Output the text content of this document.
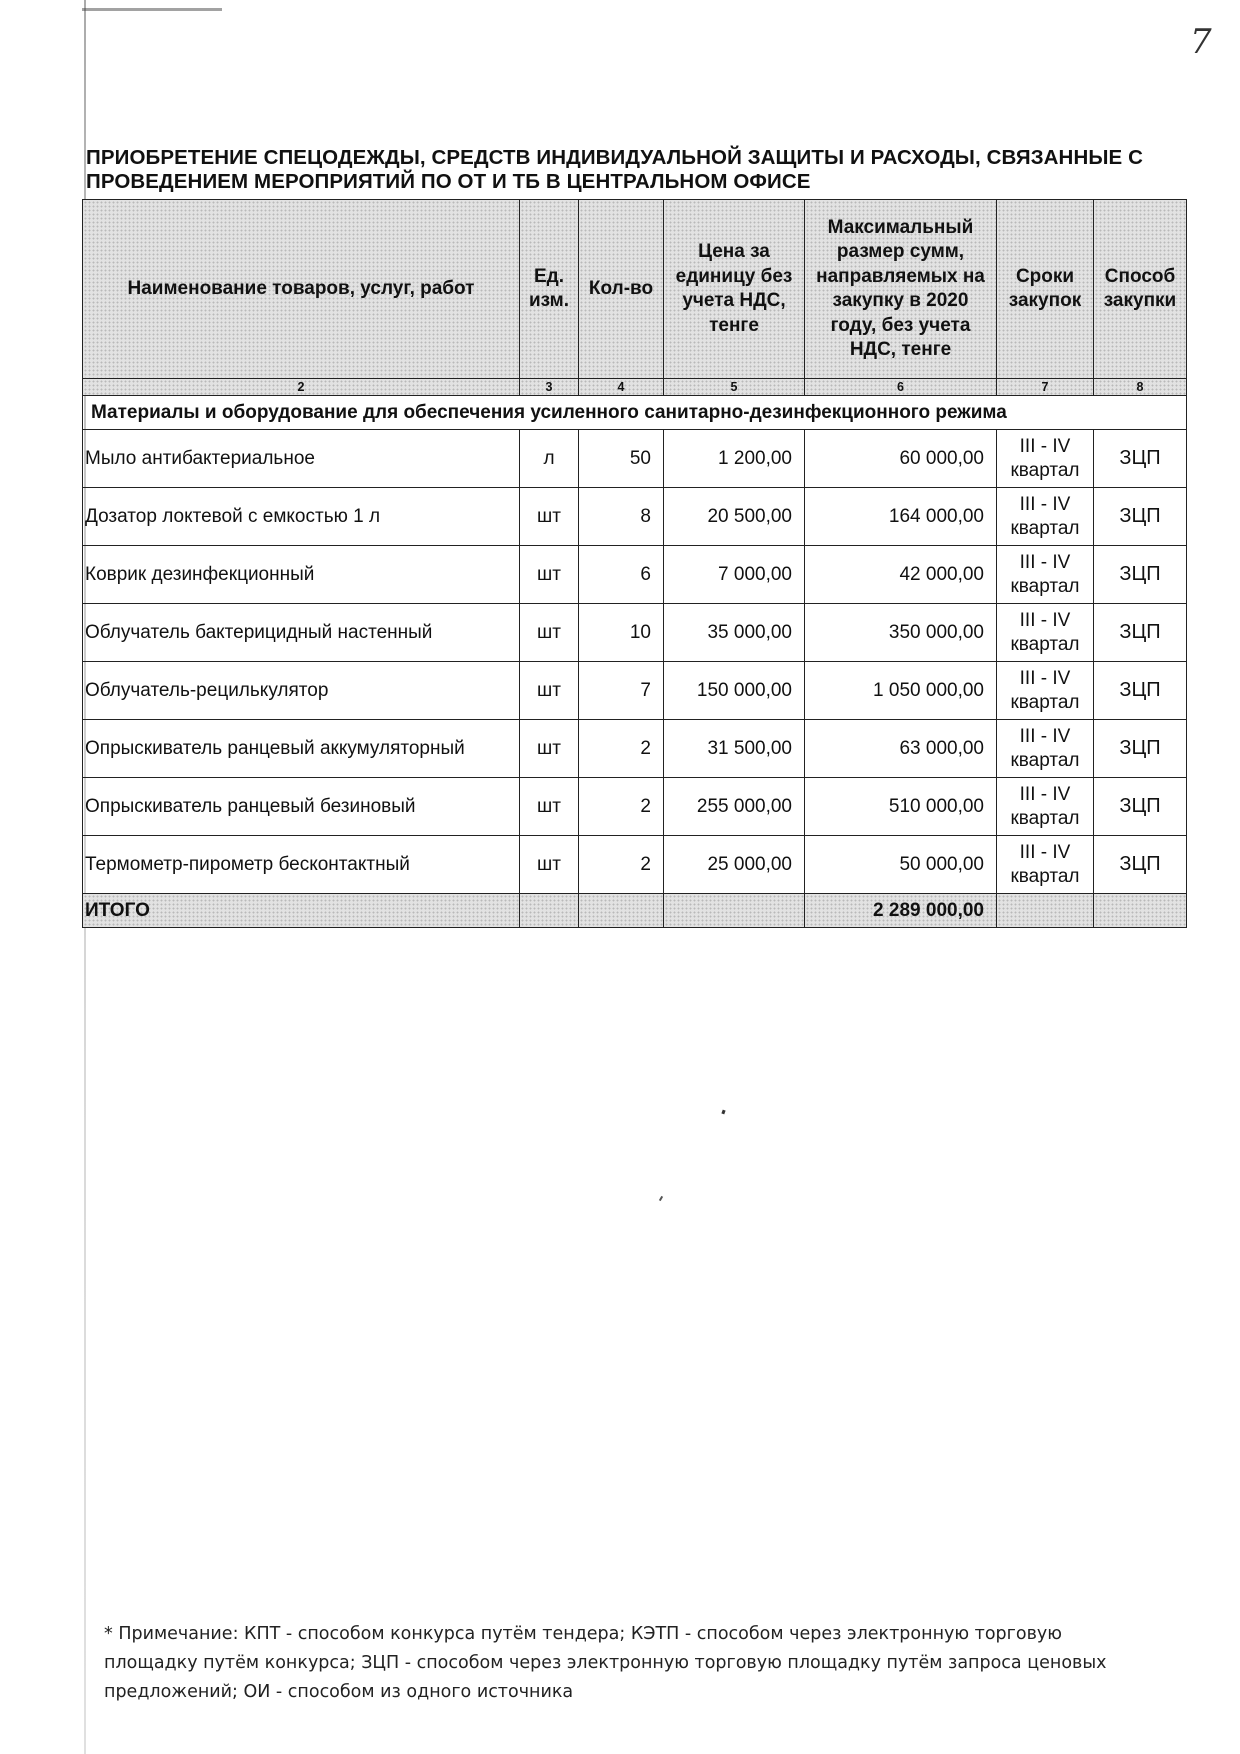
7
ПРИОБРЕТЕНИЕ СПЕЦОДЕЖДЫ, СРЕДСТВ ИНДИВИДУАЛЬНОЙ ЗАЩИТЫ И РАСХОДЫ, СВЯЗАННЫЕ С ПРОВЕДЕНИЕМ МЕРОПРИЯТИЙ ПО ОТ И ТБ В ЦЕНТРАЛЬНОМ ОФИСЕ
Наименование товаров, услуг, работ	Ед. изм.	Кол-во	Цена за единицу без учета НДС, тенге	Максимальный размер сумм, направляемых на закупку в 2020 году, без учета НДС, тенге	Сроки закупок	Способ закупки
2	3	4	5	6	7	8
Материалы и оборудование для обеспечения усиленного санитарно-дезинфекционного режима						
Мыло антибактериальное	л	50	1 200,00	60 000,00	III - IV квартал	ЗЦП
Дозатор локтевой с емкостью 1 л	шт	8	20 500,00	164 000,00	III - IV квартал	ЗЦП
Коврик дезинфекционный	шт	6	7 000,00	42 000,00	III - IV квартал	ЗЦП
Облучатель бактерицидный настенный	шт	10	35 000,00	350 000,00	III - IV квартал	ЗЦП
Облучатель-рецилькулятор	шт	7	150 000,00	1 050 000,00	III - IV квартал	ЗЦП
Опрыскиватель ранцевый аккумуляторный	шт	2	31 500,00	63 000,00	III - IV квартал	ЗЦП
Опрыскиватель ранцевый безиновый	шт	2	255 000,00	510 000,00	III - IV квартал	ЗЦП
Термометр-пирометр бесконтактный	шт	2	25 000,00	50 000,00	III - IV квартал	ЗЦП
ИТОГО				2 289 000,00		
* Примечание: КПТ - способом конкурса путём тендера; КЭТП - способом через электронную торговую площадку путём конкурса; ЗЦП - способом через электронную торговую площадку путём запроса ценовых предложений; ОИ - способом из одного источника
